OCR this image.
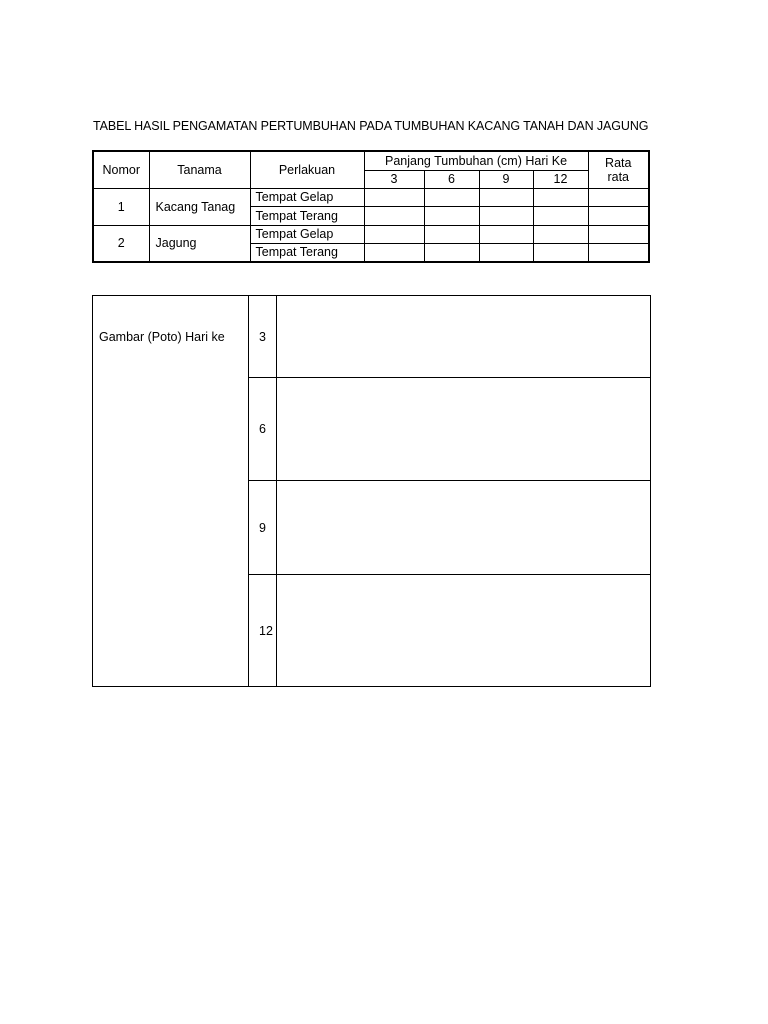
TABEL HASIL PENGAMATAN PERTUMBUHAN PADA TUMBUHAN KACANG TANAH DAN JAGUNG
Nomor	Tanama	Perlakuan	Panjang Tumbuhan (cm) Hari Ke				Rata
rata

			3	6	9	12	
1	Kacang Tanag	Tempat Gelap					
		Tempat Terang					
2	Jagung	Tempat Gelap					
		Tempat Terang					
Gambar (Poto) Hari ke	3	
	6	
	9	
	12	
